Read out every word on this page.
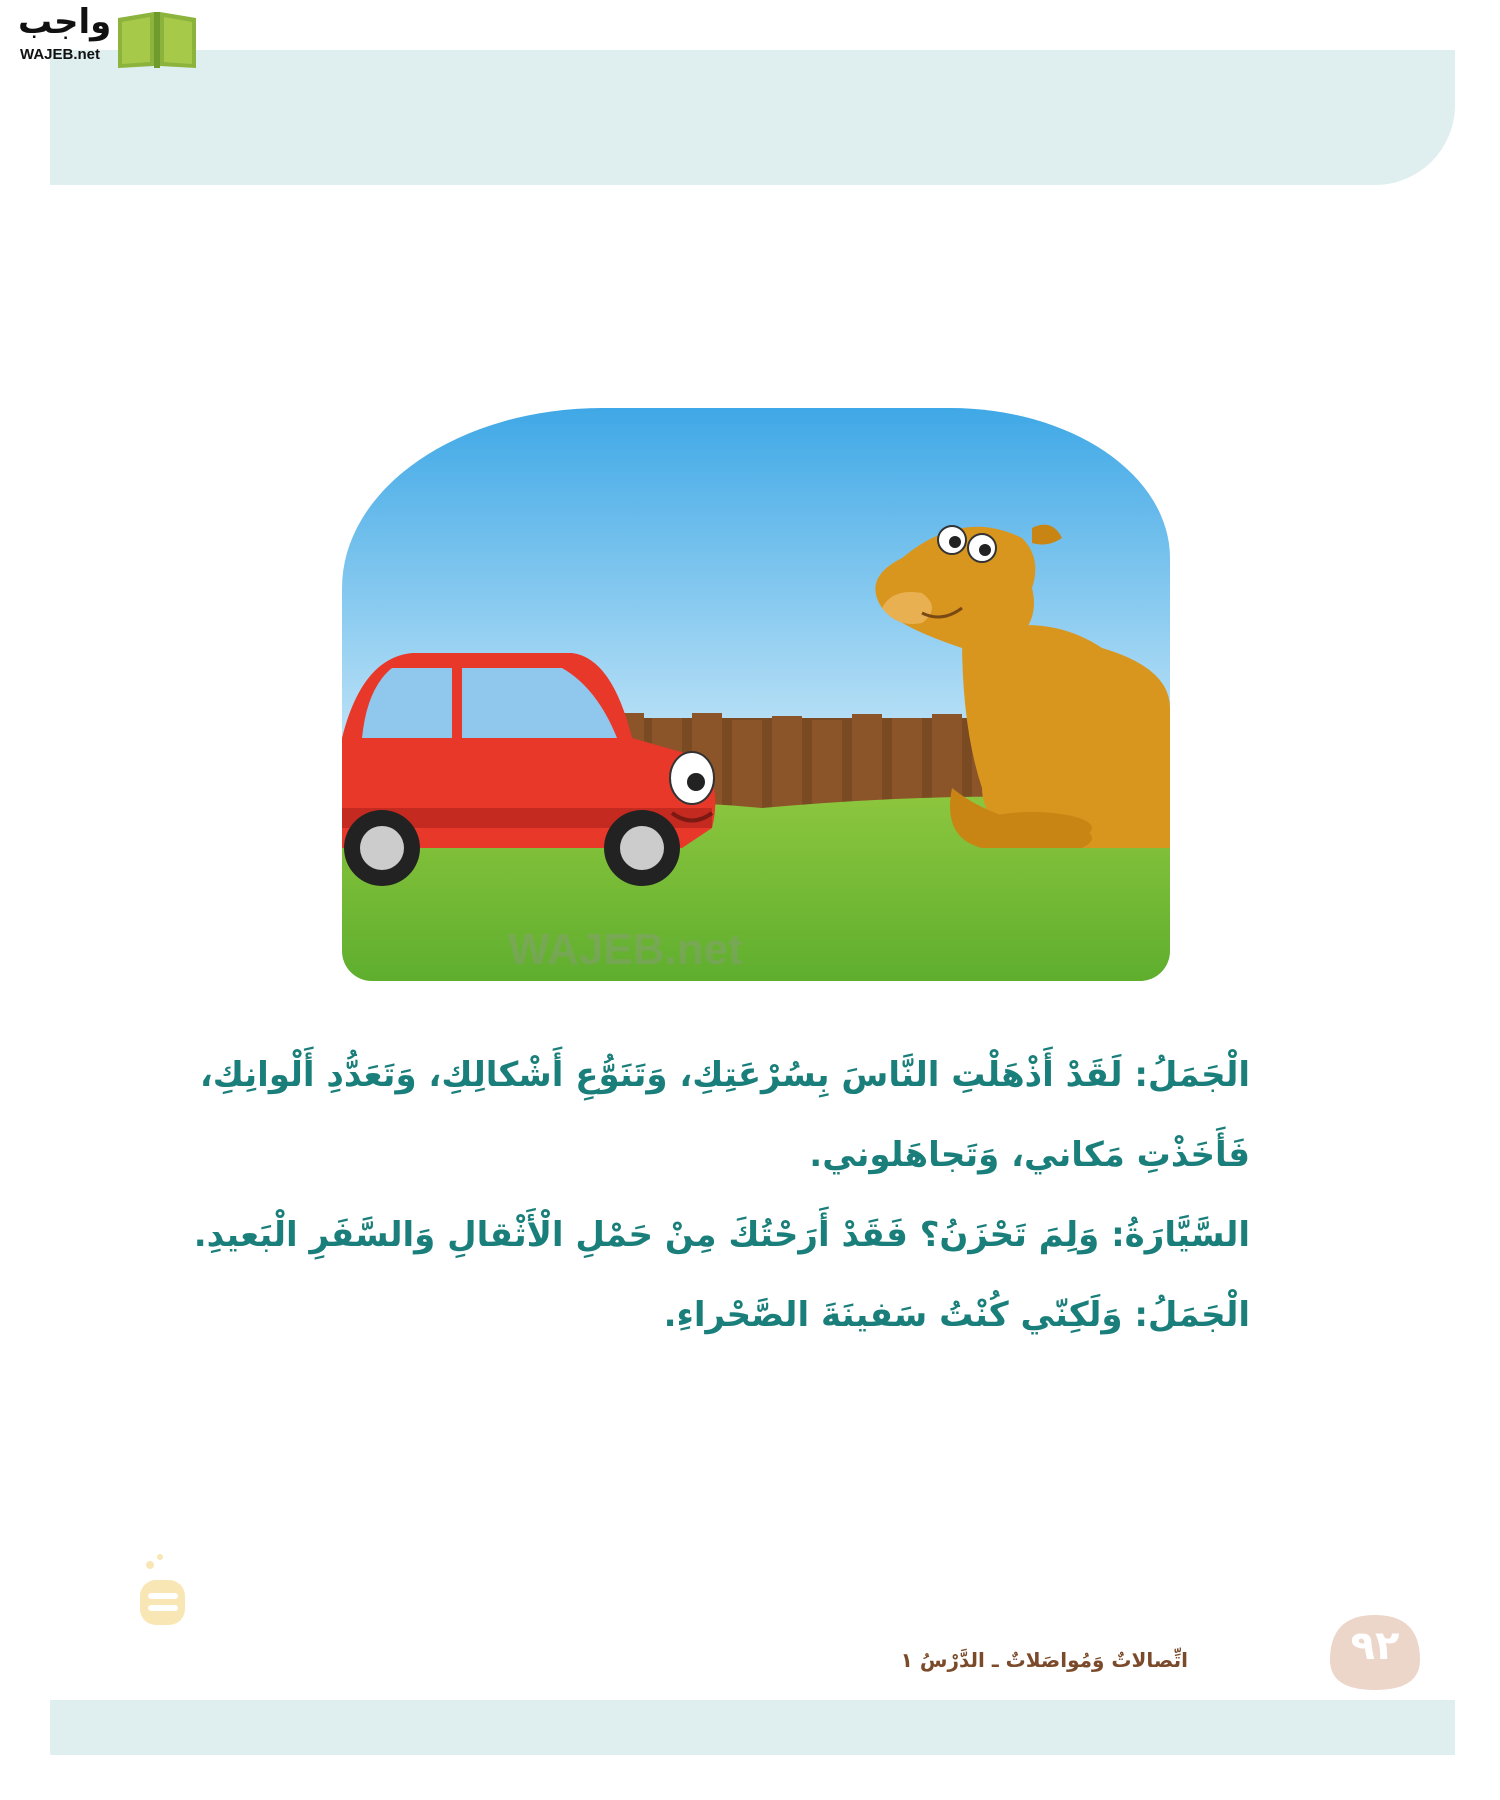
واجب
WAJEB.net
WAJEB.net
الْجَمَلُ: لَقَدْ أَذْهَلْتِ النَّاسَ بِسُرْعَتِكِ، وَتَنَوُّعِ أَشْكالِكِ، وَتَعَدُّدِ أَلْوانِكِ،
فَأَخَذْتِ مَكاني، وَتَجاهَلوني.
السَّيَّارَةُ: وَلِمَ تَحْزَنُ؟ فَقَدْ أَرَحْتُكَ مِنْ حَمْلِ الْأَثْقالِ وَالسَّفَرِ الْبَعيدِ.
الْجَمَلُ: وَلَكِنّي كُنْتُ سَفينَةَ الصَّحْراءِ.
اتِّصالاتٌ وَمُواصَلاتٌ ـ الدَّرْسُ ١	٩٢
